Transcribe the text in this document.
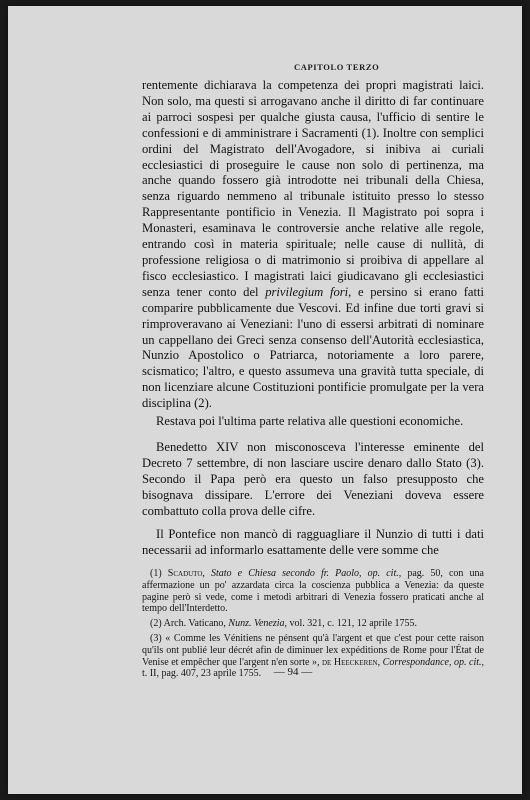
CAPITOLO TERZO

rentemente dichiarava la competenza dei propri magistrati laici. Non solo, ma questi si arrogavano anche il diritto di far continuare ai parroci sospesi per qualche giusta causa, l'ufficio di sentire le confessioni e di amministrare i Sacramenti (1). Inoltre con semplici ordini del Magistrato dell'Avogadore, si inibiva ai curiali ecclesiastici di proseguire le cause non solo di pertinenza, ma anche quando fossero già introdotte nei tribunali della Chiesa, senza riguardo nemmeno al tribunale istituito presso lo stesso Rappresentante pontificio in Venezia. Il Magistrato poi sopra i Monasteri, esaminava le controversie anche relative alle regole, entrando così in materia spirituale; nelle cause di nullità, di professione religiosa o di matrimonio si proibiva di appellare al fisco ecclesiastico. I magistrati laici giudicavano gli ecclesiastici senza tener conto del privilegium fori, e persino si erano fatti comparire pubblicamente due Vescovi. Ed infine due torti gravi si rimproveravano ai Veneziani: l'uno di essersi arbitrati di nominare un cappellano dei Greci senza consenso dell'Autorità ecclesiastica, Nunzio Apostolico o Patriarca, notoriamente a loro parere, scismatico; l'altro, e questo assumeva una gravità tutta speciale, di non licenziare alcune Costituzioni pontificie promulgate per la vera disciplina (2).

Restava poi l'ultima parte relativa alle questioni economiche.

Benedetto XIV non misconosceva l'interesse eminente del Decreto 7 settembre, di non lasciare uscire denaro dallo Stato (3). Secondo il Papa però era questo un falso presupposto che bisognava dissipare. L'errore dei Veneziani doveva essere combattuto colla prova delle cifre.

Il Pontefice non mancò di ragguagliare il Nunzio di tutti i dati necessarii ad informarlo esattamente delle vere somme che

(1) Scaduto, Stato e Chiesa secondo fr. Paolo, op. cit., pag. 50, con una affermazione un po' azzardata circa la coscienza pubblica a Venezia: da queste pagine però si vede, come i metodi arbitrari di Venezia fossero praticati anche al tempo dell'Interdetto.

(2) Arch. Vaticano, Nunz. Venezia, vol. 321, c. 121, 12 aprile 1755.

(3) « Comme les Vénitiens ne pénsent qu'à l'argent et que c'est pour cette raison qu'ils ont publié leur décrét afin de diminuer lex expéditions de Rome pour l'État de Venise et empêcher que l'argent n'en sorte », de Heeckeren, Correspondance, op. cit., t. II, pag. 407, 23 aprile 1755.	— 94 —
